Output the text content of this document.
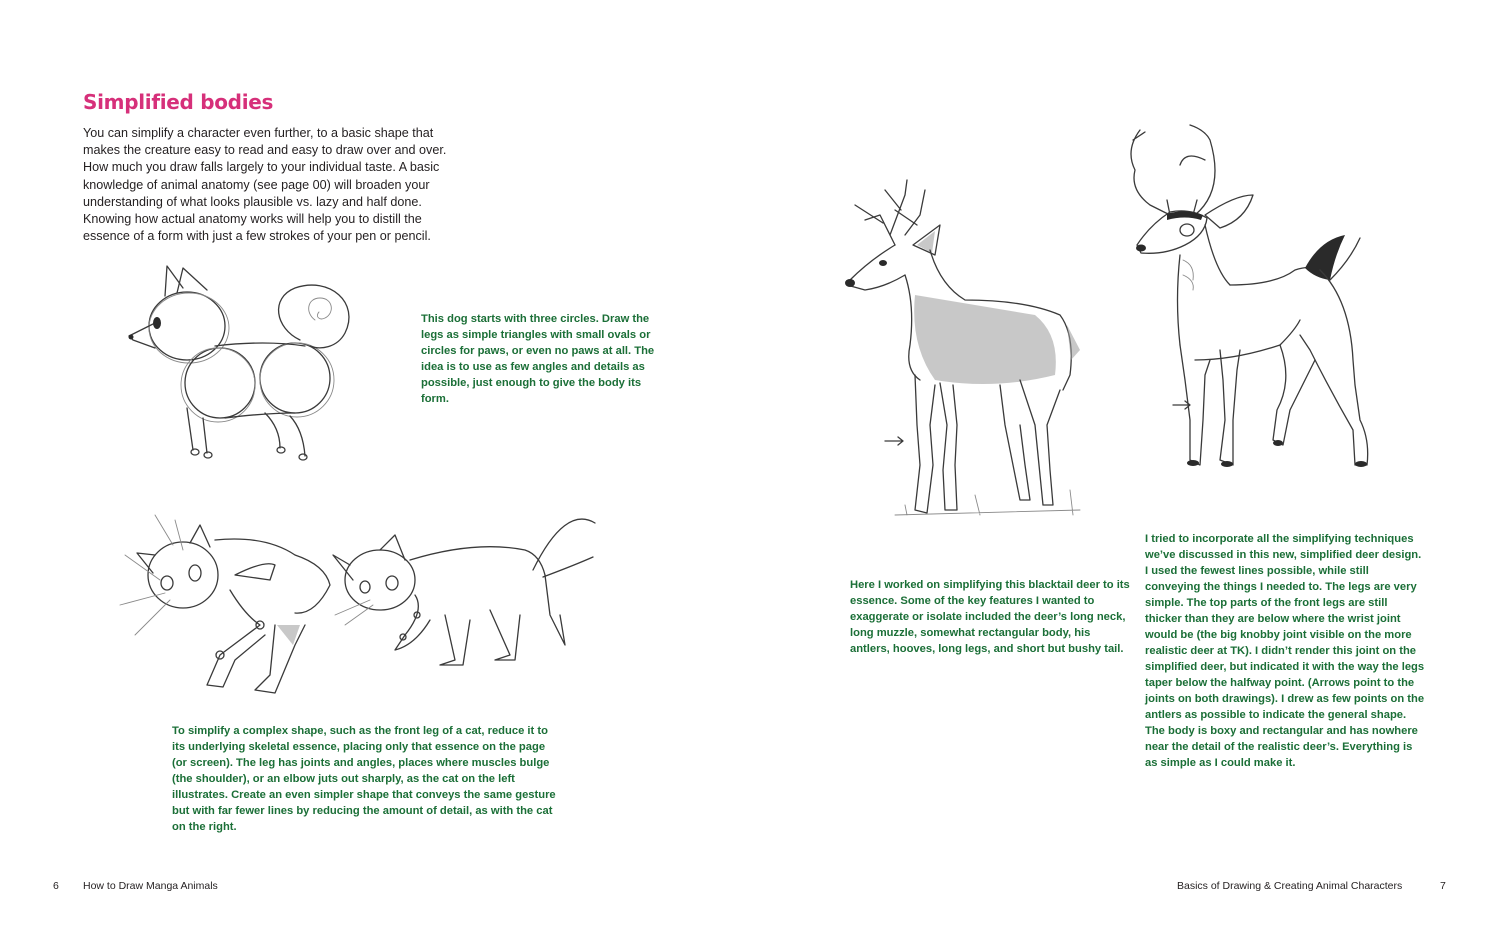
Simplified bodies

You can simplify a character even further, to a basic shape that makes the creature easy to read and easy to draw over and over. How much you draw falls largely to your individual taste. A basic knowledge of animal anatomy (see page 00) will broaden your understanding of what looks plausible vs. lazy and half done. Knowing how actual anatomy works will help you to distill the essence of a form with just a few strokes of your pen or pencil.

This dog starts with three circles. Draw the legs as simple triangles with small ovals or circles for paws, or even no paws at all. The idea is to use as few angles and details as possible, just enough to give the body its form.

To simplify a complex shape, such as the front leg of a cat, reduce it to its underlying skeletal essence, placing only that essence on the page (or screen). The leg has joints and angles, places where muscles bulge (the shoulder), or an elbow juts out sharply, as the cat on the left illustrates. Create an even simpler shape that conveys the same gesture but with far fewer lines by reducing the amount of detail, as with the cat on the right.

6 How to Draw Manga Animals

Here I worked on simplifying this blacktail deer to its essence. Some of the key features I wanted to exaggerate or isolate included the deer’s long neck, long muzzle, somewhat rectangular body, his antlers, hooves, long legs, and short but bushy tail.

I tried to incorporate all the simplifying techniques we’ve discussed in this new, simplified deer design. I used the fewest lines possible, while still conveying the things I needed to. The legs are very simple. The top parts of the front legs are still thicker than they are below where the wrist joint would be (the big knobby joint visible on the more realistic deer at TK). I didn’t render this joint on the simplified deer, but indicated it with the way the legs taper below the halfway point. (Arrows point to the joints on both drawings). I drew as few points on the antlers as possible to indicate the general shape. The body is boxy and rectangular and has nowhere near the detail of the realistic deer’s. Everything is as simple as I could make it.

Basics of Drawing & Creating Animal Characters	7
